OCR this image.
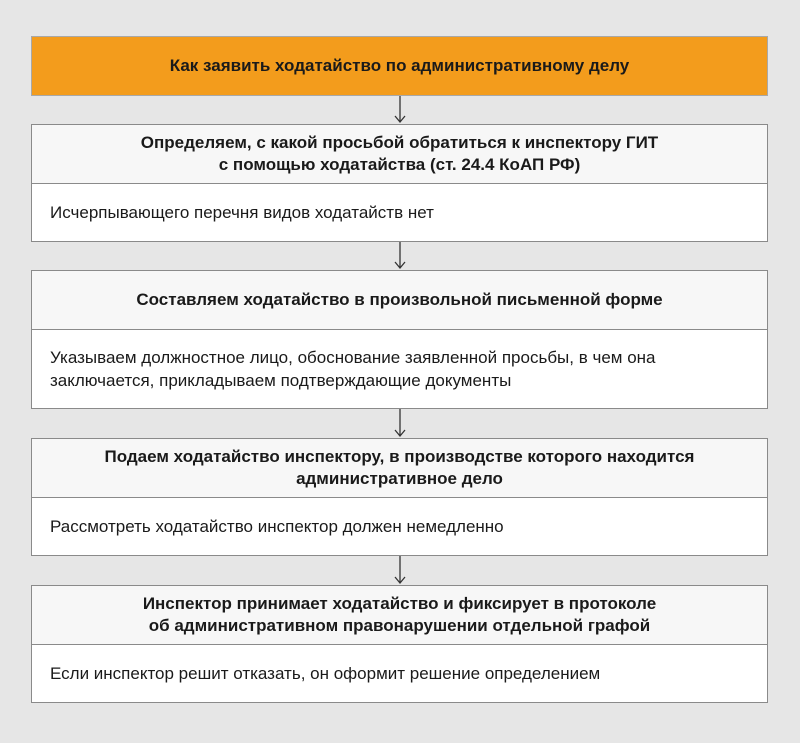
Как заявить ходатайство по административному делу
Определяем, с какой просьбой обратиться к инспектору ГИТ
с помощью ходатайства (ст. 24.4 КоАП РФ)
Исчерпывающего перечня видов ходатайств нет
Составляем ходатайство в произвольной письменной форме
Указываем должностное лицо, обоснование заявленной просьбы, в чем она
заключается, прикладываем подтверждающие документы
Подаем ходатайство инспектору, в производстве которого находится
административное дело
Рассмотреть ходатайство инспектор должен немедленно
Инспектор принимает ходатайство и фиксирует в протоколе
об административном правонарушении отдельной графой
Если инспектор решит отказать, он оформит решение определением
